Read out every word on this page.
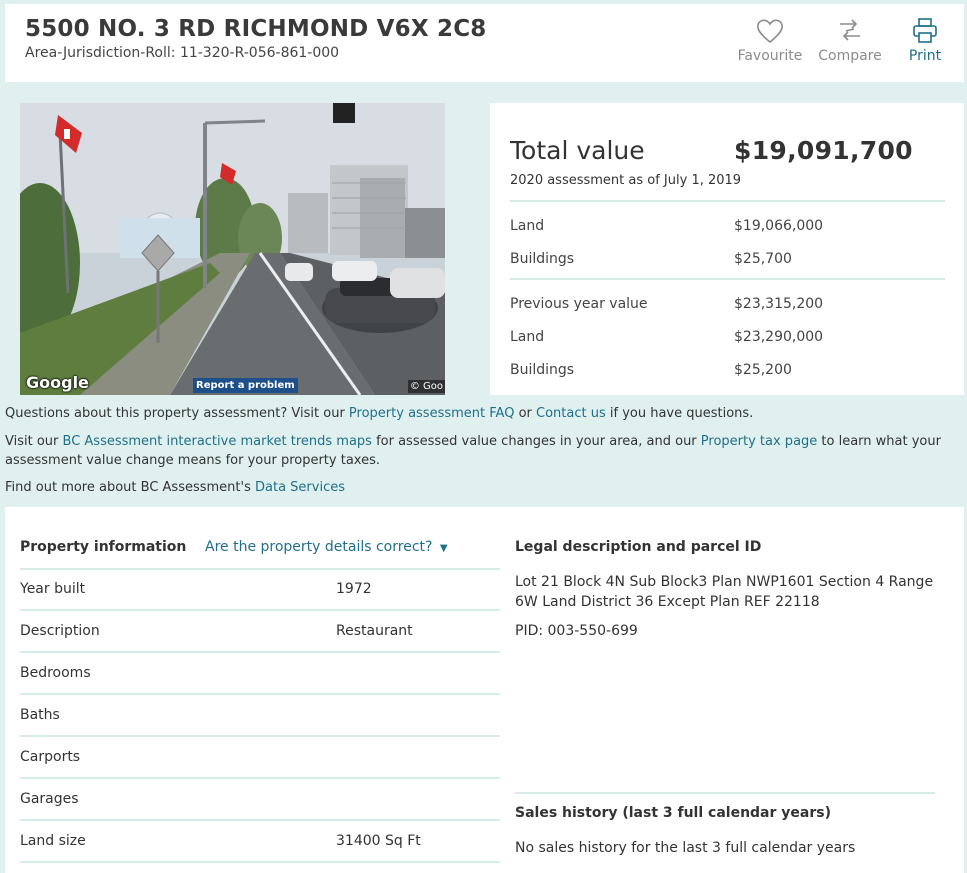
5500 NO. 3 RD RICHMOND V6X 2C8
Area-Jurisdiction-Roll: 11-320-R-056-861-000	Favourite	Compare	Print
Google	Report a problem	© Goo
Total value	$19,091,700
2020 assessment as of July 1, 2019
Land	$19,066,000
Buildings	$25,700
Previous year value	$23,315,200
Land	$23,290,000
Buildings	$25,200
Questions about this property assessment? Visit our Property assessment FAQ or Contact us if you have questions.
Visit our BC Assessment interactive market trends maps for assessed value changes in your area, and our Property tax page to learn what your assessment value change means for your property taxes.
Find out more about BC Assessment's Data Services
Property information Are the property details correct? ▼
Year built	1972
Description	Restaurant
Bedrooms
Baths
Carports
Garages
Land size	31400 Sq Ft
Legal description and parcel ID
Lot 21 Block 4N Sub Block3 Plan NWP1601 Section 4 Range 6W Land District 36 Except Plan REF 22118
PID: 003-550-699
Sales history (last 3 full calendar years)
No sales history for the last 3 full calendar years
